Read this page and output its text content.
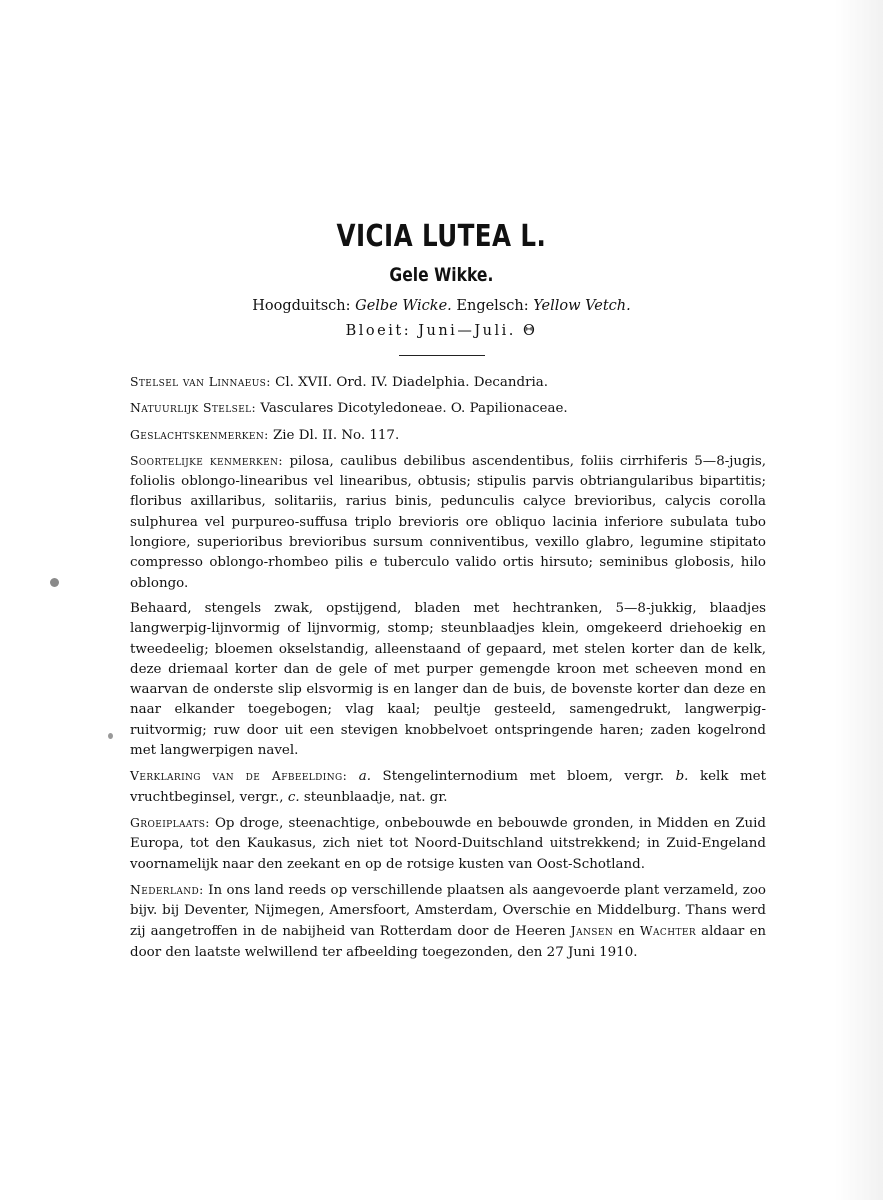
VICIA LUTEA L.
Gele Wikke.
Hoogduitsch: Gelbe Wicke. Engelsch: Yellow Vetch.
Bloeit: Juni—Juli. Θ

Stelsel van Linnaeus: Cl. XVII. Ord. IV. Diadelphia. Decandria.

Natuurlijk Stelsel: Vasculares Dicotyledoneae. O. Papilionaceae.

Geslachtskenmerken: Zie Dl. II. No. 117.

Soortelijke kenmerken: pilosa, caulibus debilibus ascendentibus, foliis cirrhiferis 5—8-jugis, foliolis oblongo-linearibus vel linearibus, obtusis; stipulis parvis obtriangularibus bipartitis; floribus axillaribus, solitariis, rarius binis, pedunculis calyce brevioribus, calycis corolla sulphurea vel purpureo-suffusa triplo brevioris ore obliquo lacinia inferiore subulata tubo longiore, superioribus brevioribus sursum conniventibus, vexillo glabro, legumine stipitato compresso oblongo-rhombeo pilis e tuberculo valido ortis hirsuto; seminibus globosis, hilo oblongo.

Behaard, stengels zwak, opstijgend, bladen met hechtranken, 5—8-jukkig, blaadjes langwerpig-lijnvormig of lijnvormig, stomp; steunblaadjes klein, omgekeerd driehoekig en tweedeelig; bloemen okselstandig, alleenstaand of gepaard, met stelen korter dan de kelk, deze driemaal korter dan de gele of met purper gemengde kroon met scheeven mond en waarvan de onderste slip elsvormig is en langer dan de buis, de bovenste korter dan deze en naar elkander toegebogen; vlag kaal; peultje gesteeld, samengedrukt, langwerpig-ruitvormig; ruw door uit een stevigen knobbelvoet ontspringende haren; zaden kogelrond met langwerpigen navel.

Verklaring van de Afbeelding: a. Stengelinternodium met bloem, vergr. b. kelk met vruchtbeginsel, vergr., c. steunblaadje, nat. gr.

Groeiplaats: Op droge, steenachtige, onbebouwde en bebouwde gronden, in Midden en Zuid Europa, tot den Kaukasus, zich niet tot Noord-Duitschland uitstrekkend; in Zuid-Engeland voornamelijk naar den zeekant en op de rotsige kusten van Oost-Schotland.

Nederland: In ons land reeds op verschillende plaatsen als aangevoerde plant verzameld, zoo bijv. bij Deventer, Nijmegen, Amersfoort, Amsterdam, Overschie en Middelburg. Thans werd zij aangetroffen in de nabijheid van Rotterdam door de Heeren Jansen en Wachter aldaar en door den laatste welwillend ter afbeelding toegezonden, den 27 Juni 1910.
